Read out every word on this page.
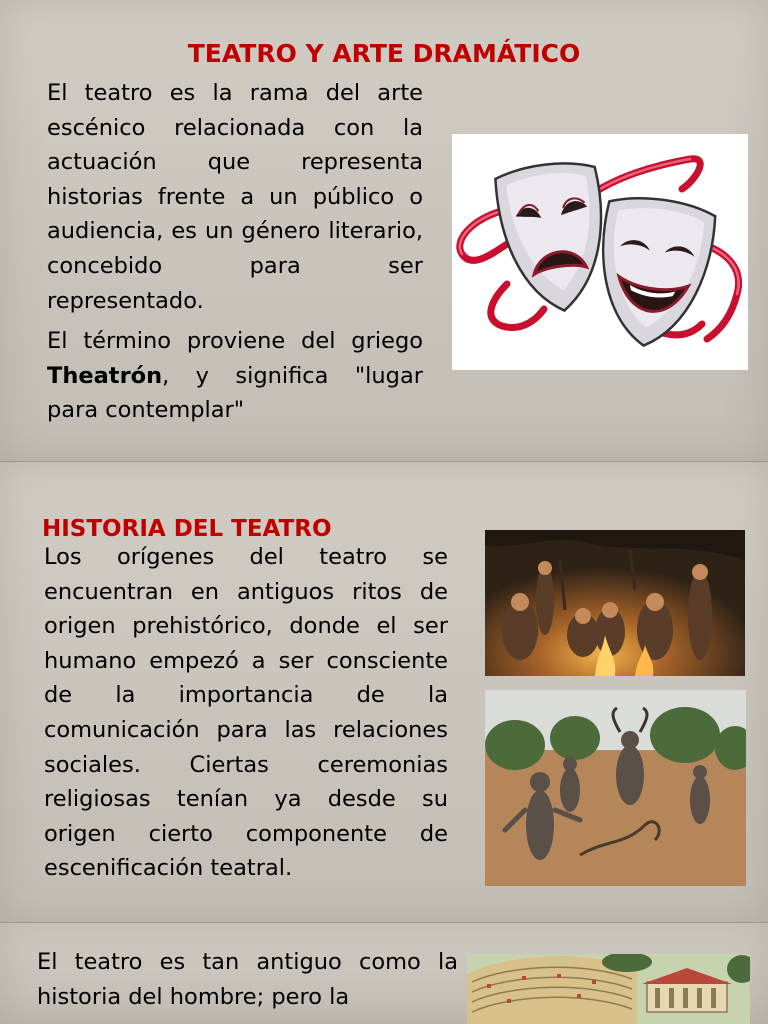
TEATRO Y ARTE DRAMÁTICO

El teatro es la rama del arte escénico relacionada con la actuación que representa historias frente a un público o audiencia, es un género literario, concebido para ser representado.

El término proviene del griego Theatrón, y significa "lugar para contemplar"

HISTORIA DEL TEATRO

Los orígenes del teatro se encuentran en antiguos ritos de origen prehistórico, donde el ser humano empezó a ser consciente de la importancia de la comunicación para las relaciones sociales. Ciertas ceremonias religiosas tenían ya desde su origen cierto componente de escenificación teatral.

El teatro es tan antiguo como la historia del hombre; pero la
